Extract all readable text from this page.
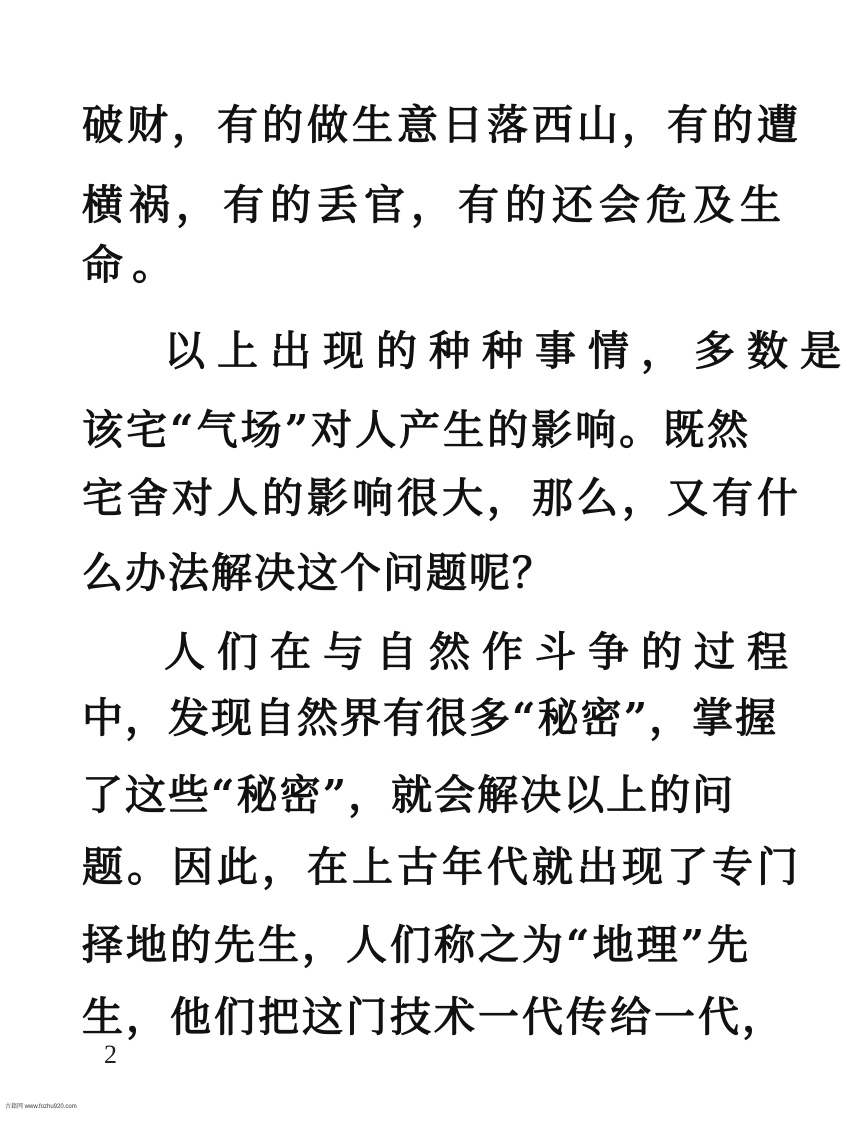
破财，有的做生意日落西山，有的遭
横祸，有的丢官，有的还会危及生
命。
以上出现的种种事情，多数是
该宅“气场”对人产生的影响。既然
宅舍对人的影响很大，那么，又有什
么办法解决这个问题呢？
人们在与自然作斗争的过程
中，发现自然界有很多“秘密”，掌握
了这些“秘密”，就会解决以上的问
题。因此，在上古年代就出现了专门
择地的先生，人们称之为“地理”先
生，他们把这门技术一代传给一代，
2
古籍网 www.fozhu920.com
